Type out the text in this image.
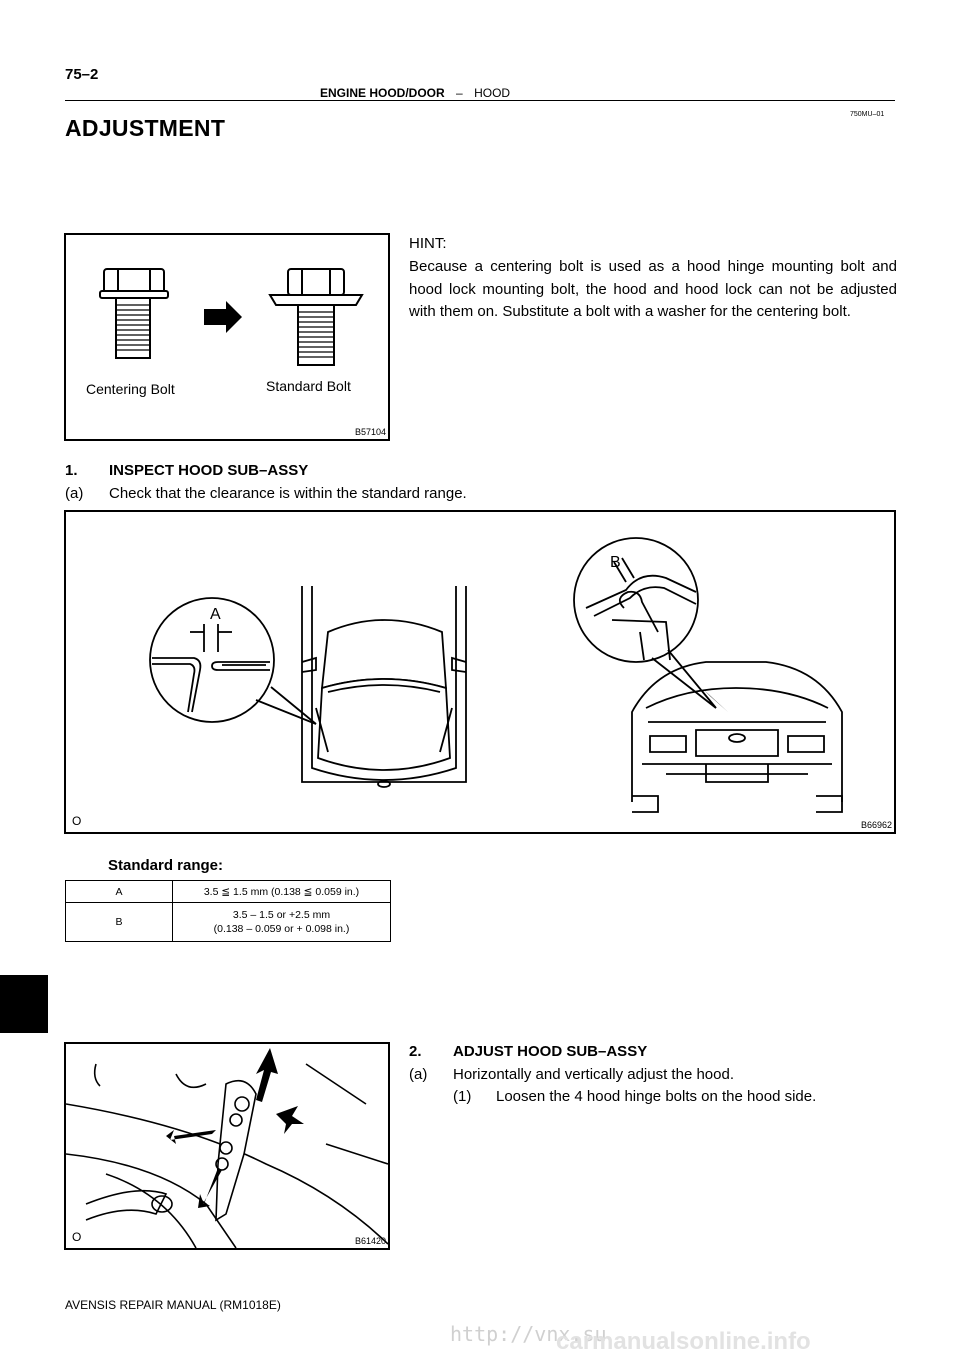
75–2
ENGINE HOOD/DOOR – HOOD
750MU–01
ADJUSTMENT
Centering Bolt	Standard Bolt
B57104
HINT:
Because a centering bolt is used as a hood hinge mounting bolt and hood lock mounting bolt, the hood and hood lock can not be adjusted with them on. Substitute a bolt with a washer for the centering bolt.
1. INSPECT HOOD SUB–ASSY
(a) Check that the clearance is within the standard range.
A
B
O	B66962
Standard range:
A	3.5 ≦ 1.5 mm (0.138 ≦ 0.059 in.)
B	3.5 – 1.5 or +2.5 mm
(0.138 – 0.059 or + 0.098 in.)
O	B61420
2. ADJUST HOOD SUB–ASSY
(a) Horizontally and vertically adjust the hood.
(1) Loosen the 4 hood hinge bolts on the hood side.
AVENSIS REPAIR MANUAL (RM1018E)
http://vnx.su
carmanualsonline.info
